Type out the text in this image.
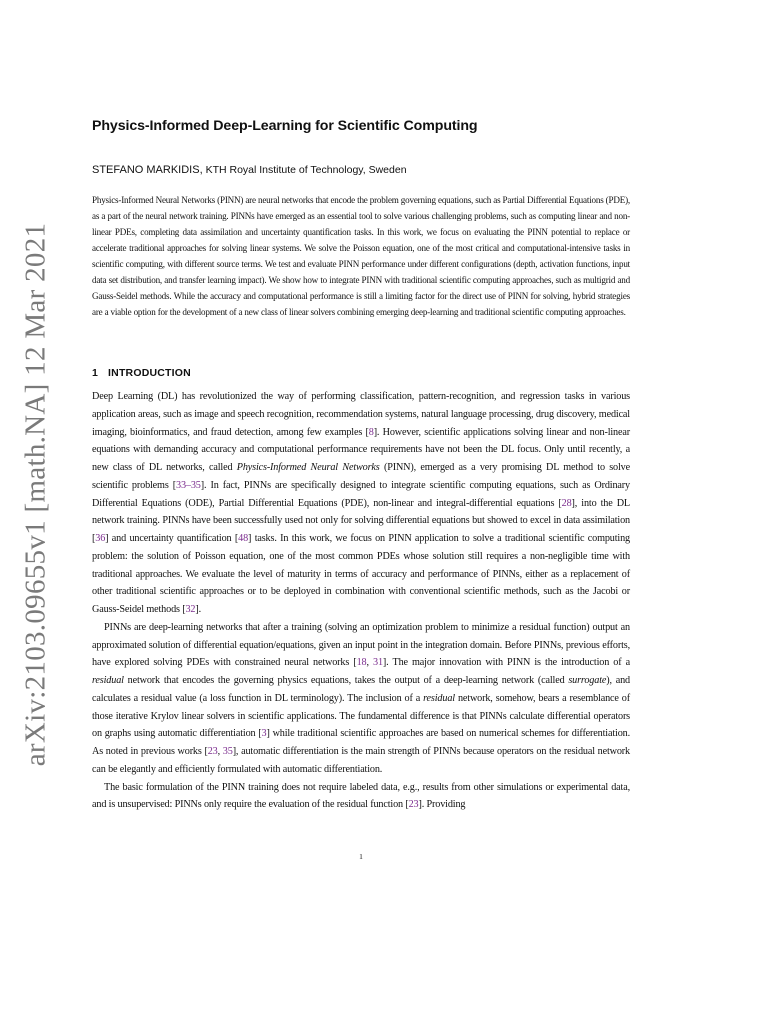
arXiv:2103.09655v1 [math.NA] 12 Mar 2021
Physics-Informed Deep-Learning for Scientific Computing

STEFANO MARKIDIS, KTH Royal Institute of Technology, Sweden

Physics-Informed Neural Networks (PINN) are neural networks that encode the problem governing equations, such as Partial Differential Equations (PDE), as a part of the neural network training. PINNs have emerged as an essential tool to solve various challenging problems, such as computing linear and non-linear PDEs, completing data assimilation and uncertainty quantification tasks. In this work, we focus on evaluating the PINN potential to replace or accelerate traditional approaches for solving linear systems. We solve the Poisson equation, one of the most critical and computational-intensive tasks in scientific computing, with different source terms. We test and evaluate PINN performance under different configurations (depth, activation functions, input data set distribution, and transfer learning impact). We show how to integrate PINN with traditional scientific computing approaches, such as multigrid and Gauss-Seidel methods. While the accuracy and computational performance is still a limiting factor for the direct use of PINN for solving, hybrid strategies are a viable option for the development of a new class of linear solvers combining emerging deep-learning and traditional scientific computing approaches.

1 INTRODUCTION

Deep Learning (DL) has revolutionized the way of performing classification, pattern-recognition, and regression tasks in various application areas, such as image and speech recognition, recommendation systems, natural language processing, drug discovery, medical imaging, bioinformatics, and fraud detection, among few examples [8]. However, scientific applications solving linear and non-linear equations with demanding accuracy and computational performance requirements have not been the DL focus. Only until recently, a new class of DL networks, called Physics-Informed Neural Networks (PINN), emerged as a very promising DL method to solve scientific problems [33–35]. In fact, PINNs are specifically designed to integrate scientific computing equations, such as Ordinary Differential Equations (ODE), Partial Differential Equations (PDE), non-linear and integral-differential equations [28], into the DL network training. PINNs have been successfully used not only for solving differential equations but showed to excel in data assimilation [36] and uncertainty quantification [48] tasks. In this work, we focus on PINN application to solve a traditional scientific computing problem: the solution of Poisson equation, one of the most common PDEs whose solution still requires a non-negligible time with traditional approaches. We evaluate the level of maturity in terms of accuracy and performance of PINNs, either as a replacement of other traditional scientific approaches or to be deployed in combination with conventional scientific methods, such as the Jacobi or Gauss-Seidel methods [32].

PINNs are deep-learning networks that after a training (solving an optimization problem to minimize a residual function) output an approximated solution of differential equation/equations, given an input point in the integration domain. Before PINNs, previous efforts, have explored solving PDEs with constrained neural networks [18, 31]. The major innovation with PINN is the introduction of a residual network that encodes the governing physics equations, takes the output of a deep-learning network (called surrogate), and calculates a residual value (a loss function in DL terminology). The inclusion of a residual network, somehow, bears a resemblance of those iterative Krylov linear solvers in scientific applications. The fundamental difference is that PINNs calculate differential operators on graphs using automatic differentiation [3] while traditional scientific approaches are based on numerical schemes for differentiation. As noted in previous works [23, 35], automatic differentiation is the main strength of PINNs because operators on the residual network can be elegantly and efficiently formulated with automatic differentiation.

The basic formulation of the PINN training does not require labeled data, e.g., results from other simulations or experimental data, and is unsupervised: PINNs only require the evaluation of the residual function [23]. Providing

1
